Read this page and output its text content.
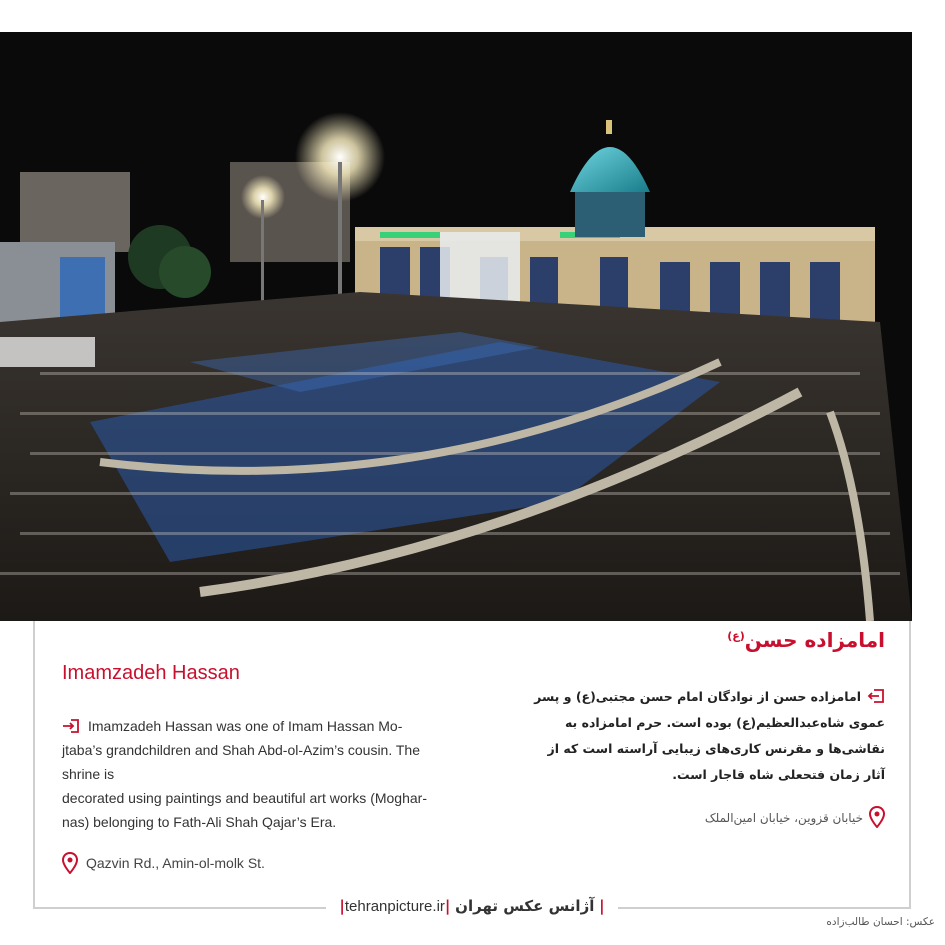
امامزاده حسن$^{(ع)}$
Imamzadeh Hassan
امامزاده حسن از نوادگان امام حسن مجتبی(ع) و پسر عموی شاه‌عبدالعظیم(ع) بوده است. حرم امامزاده به نقاشی‌ها و مقرنس کاری‌های زیبایی آراسته است که از آثار زمان فتحعلی شاه قاجار است.
Imamzadeh Hassan was one of Imam Hassan Mo-
jtaba’s grandchildren and Shah Abd-ol-Azim’s cousin. The
shrine is
decorated using paintings and beautiful art works (Moghar-
nas) belonging to Fath-Ali Shah Qajar’s Era.	خیابان قزوین، خیابان امین‌الملک
Qazvin Rd., Amin-ol-molk St.
|tehranpicture.ir| آژانس عکس تهران |
عکس: احسان طالب‌زاده
